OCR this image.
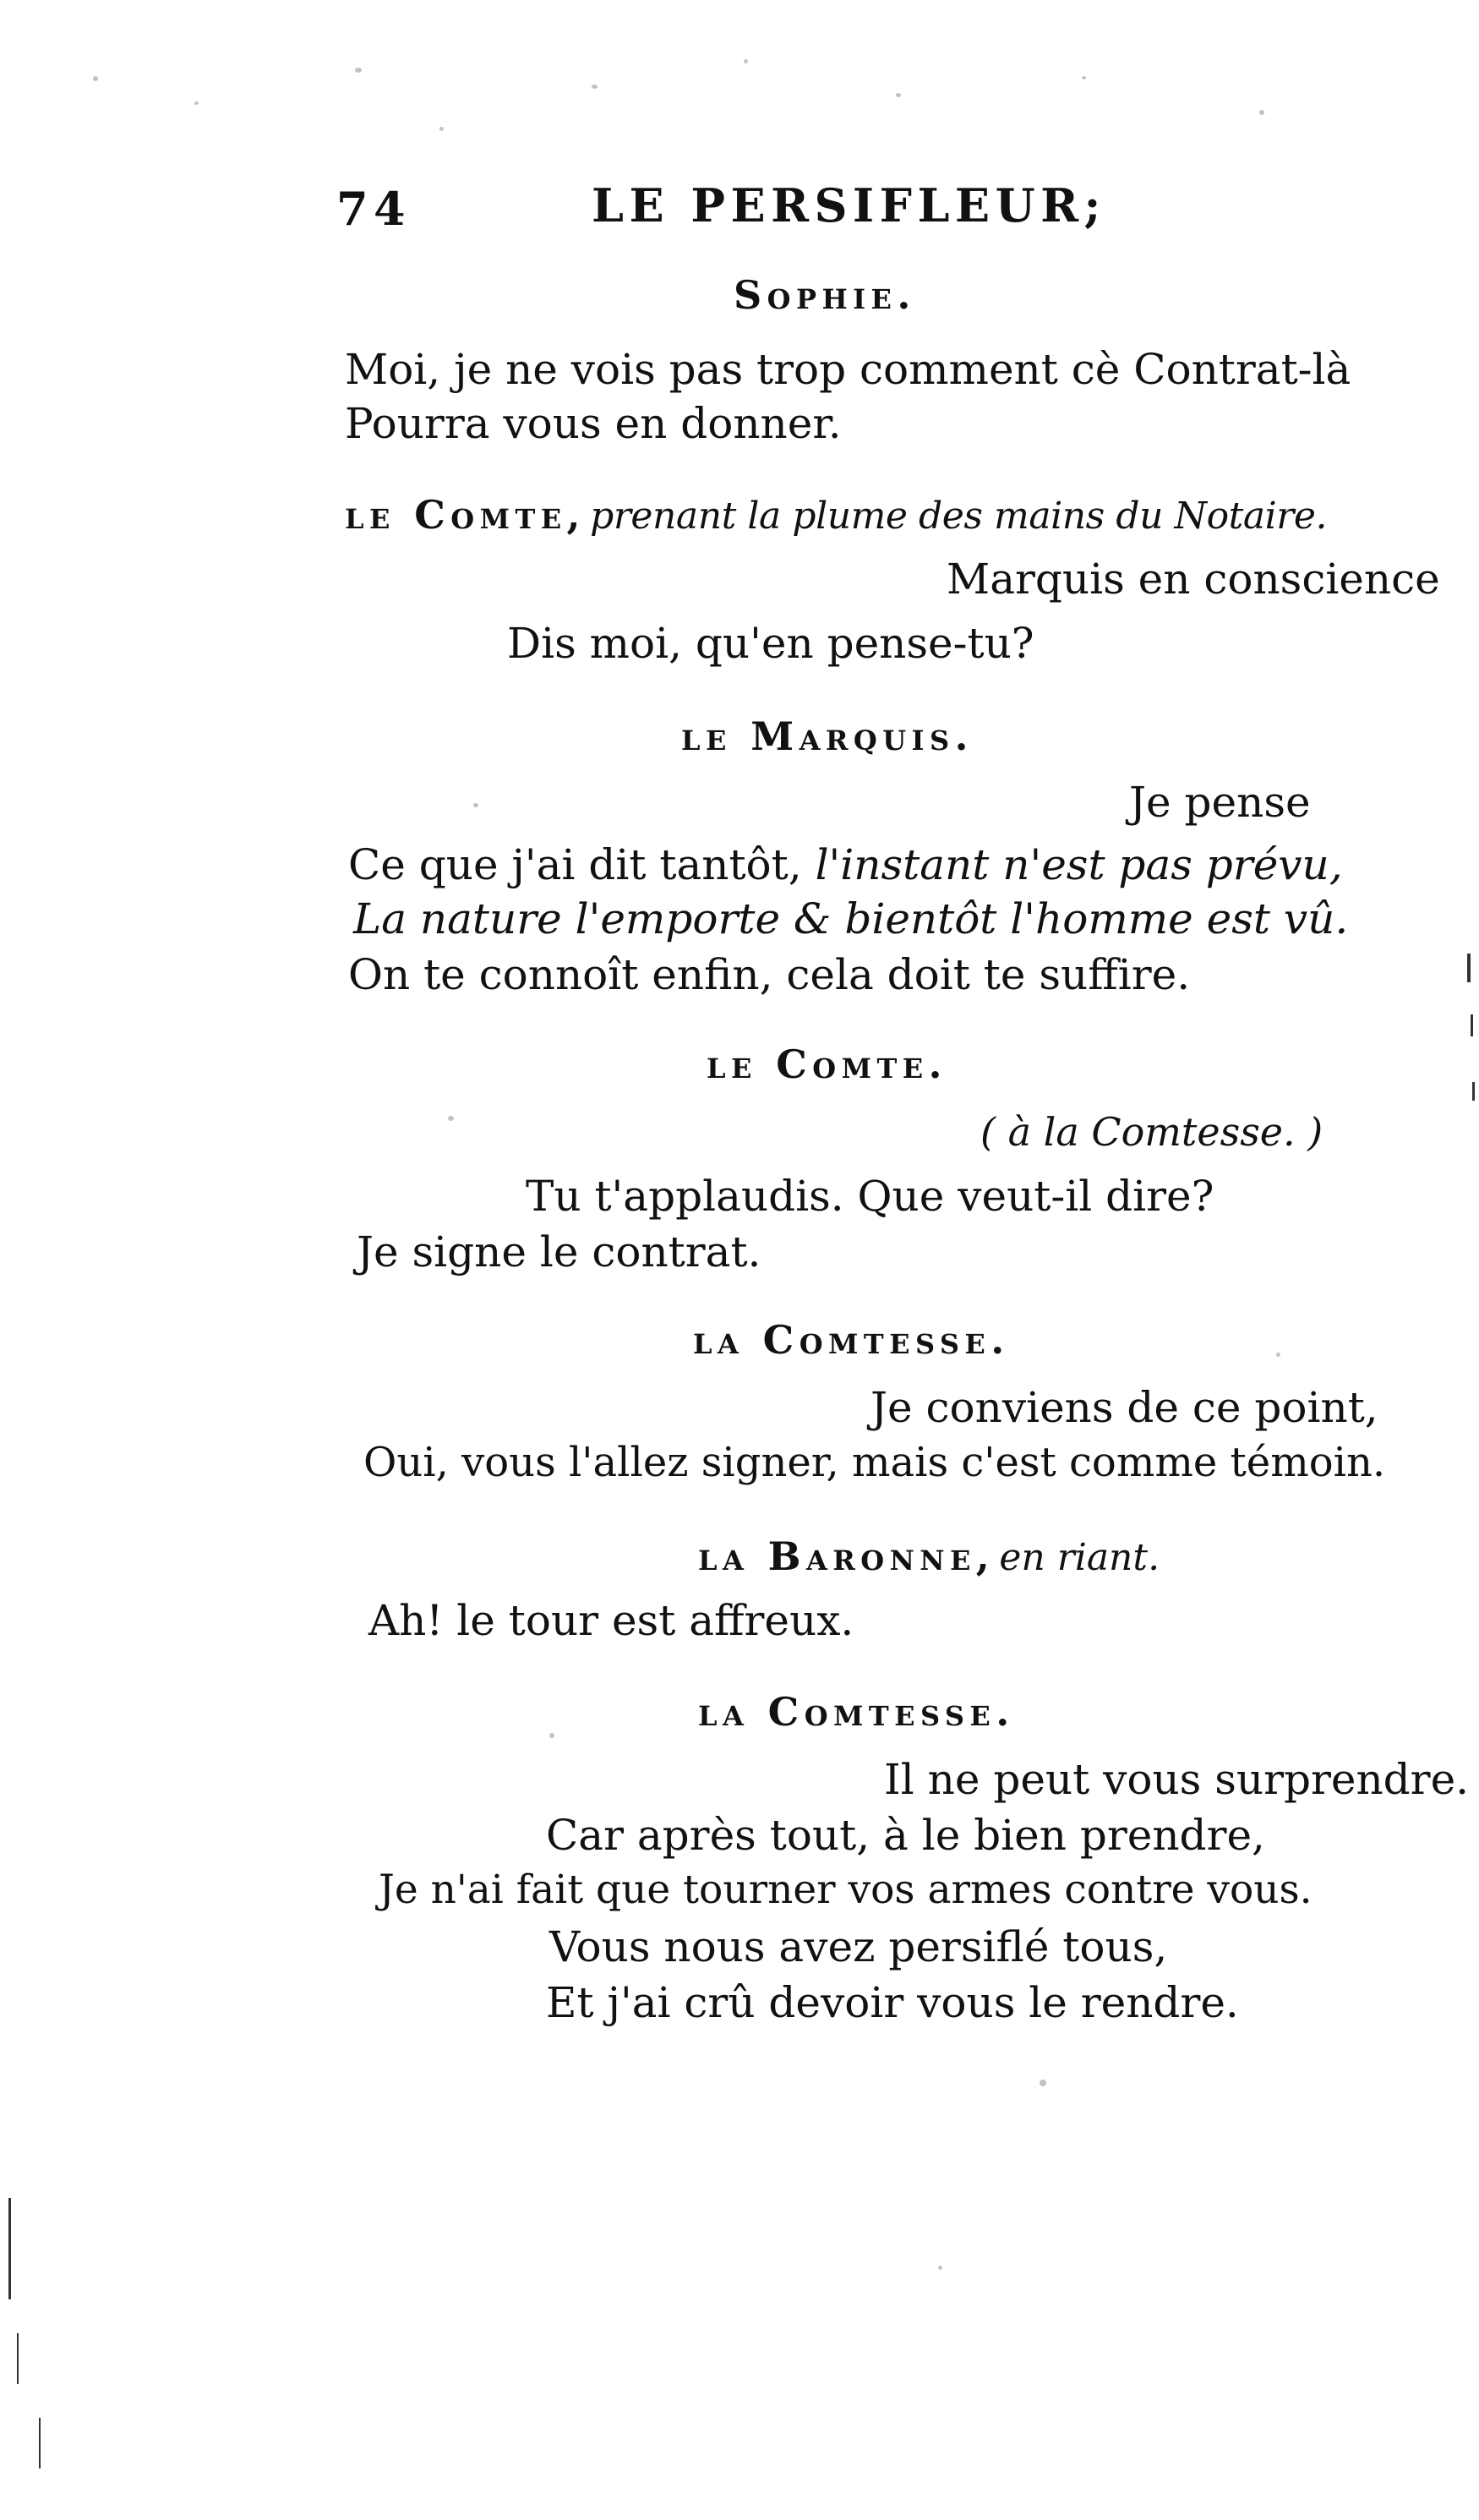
74	LE PERSIFLEUR;
Sophie.
Moi, je ne vois pas trop comment cè Contrat-là
Pourra vous en donner.
le Comte, prenant la plume des mains du Notaire.
Marquis en conscience
Dis moi, qu'en pense-tu?
le Marquis.
Je pense
Ce que j'ai dit tantôt, l'instant n'est pas prévu,
La nature l'emporte & bientôt l'homme est vû.
On te connoît enfin, cela doit te suffire.
le Comte.
( à la Comtesse. )
Tu t'applaudis. Que veut-il dire?
Je signe le contrat.
la Comtesse.
Je conviens de ce point,
Oui, vous l'allez signer, mais c'est comme témoin.
la Baronne, en riant.
Ah! le tour est affreux.
la Comtesse.
Il ne peut vous surprendre.
Car après tout, à le bien prendre,
Je n'ai fait que tourner vos armes contre vous.
Vous nous avez persiflé tous,
Et j'ai crû devoir vous le rendre.
